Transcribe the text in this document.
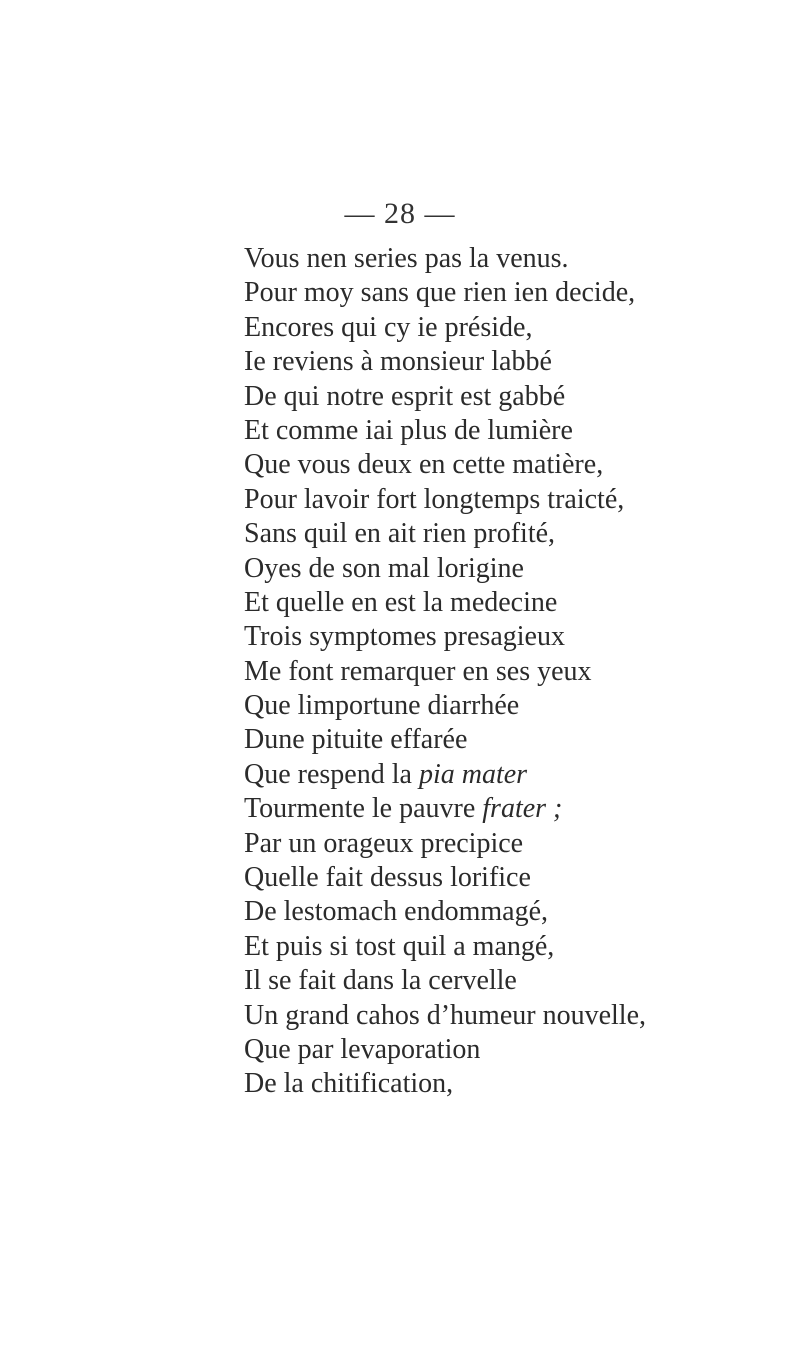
— 28 —
Vous nen series pas la venus.
Pour moy sans que rien ien decide,
Encores qui cy ie préside,
Ie reviens à monsieur labbé
De qui notre esprit est gabbé
Et comme iai plus de lumière
Que vous deux en cette matière,
Pour lavoir fort longtemps traicté,
Sans quil en ait rien profité,
Oyes de son mal lorigine
Et quelle en est la medecine
Trois symptomes presagieux
Me font remarquer en ses yeux
Que limportune diarrhée
Dune pituite effarée
Que respend la pia mater
Tourmente le pauvre frater ;
Par un orageux precipice
Quelle fait dessus lorifice
De lestomach endommagé,
Et puis si tost quil a mangé,
Il se fait dans la cervelle
Un grand cahos d’humeur nouvelle,
Que par levaporation
De la chitification,
